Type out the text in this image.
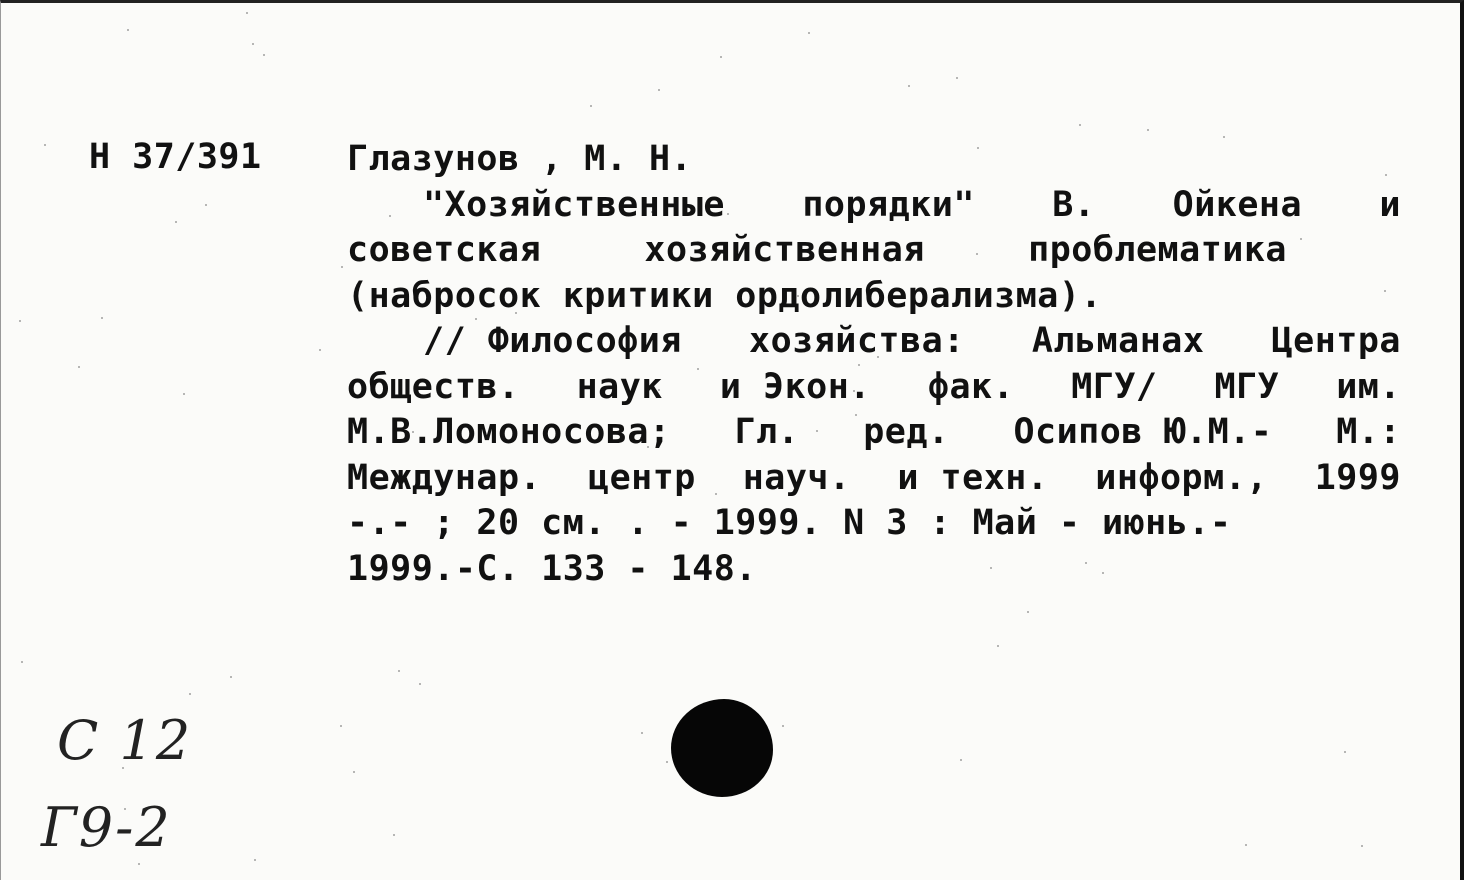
Н 37/391 Глазунов , М. Н.
"Хозяйственные порядки" В. Ойкена и
советская	хозяйственная	проблематика
(набросок критики ордолиберализма).
// Философия хозяйства: Альманах Центра
обществ. наук и Экон. фак. МГУ/ МГУ им.
М.В.Ломоносова; Гл. ред. Осипов Ю.М.- М.:
Междунар. центр науч. и техн. информ., 1999
-.- ; 20 см. . - 1999. N 3 : Май - июнь.-
1999.-С. 133 - 148.
С 12
Г9-2
